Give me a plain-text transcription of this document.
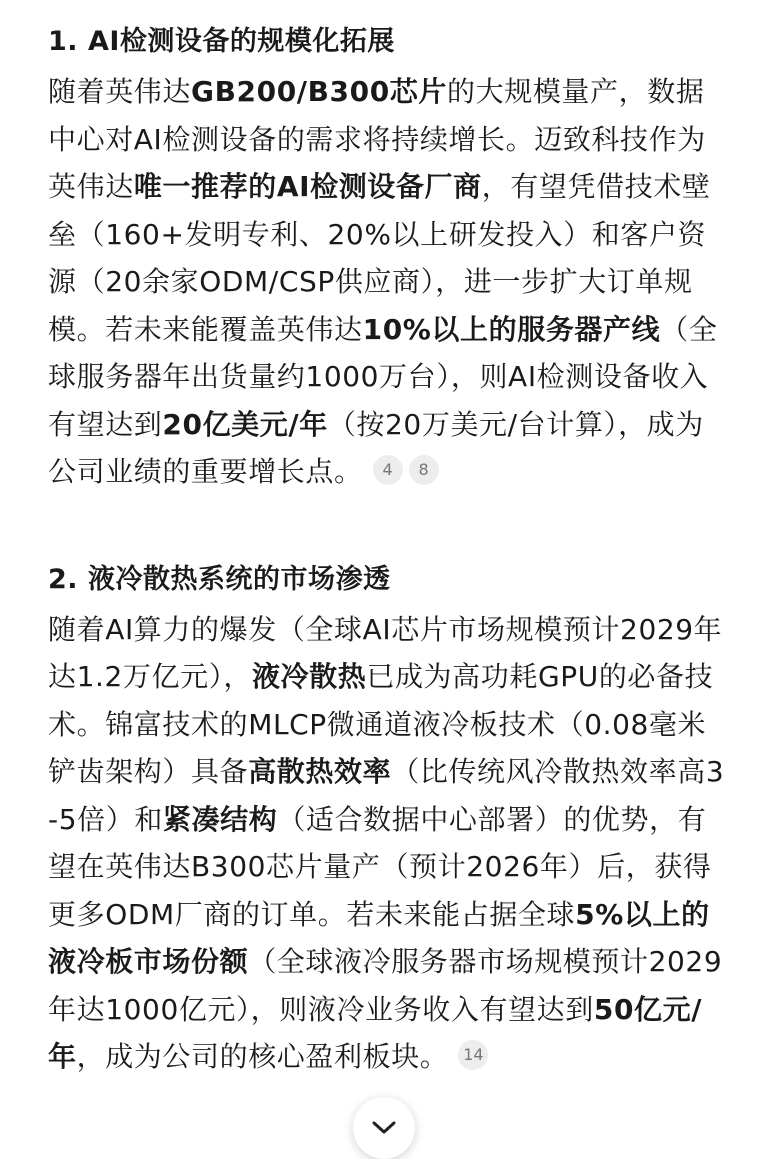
1. AI检测设备的规模化拓展

随着英伟达GB200/B300芯片的大规模量产，数据中心对AI检测设备的需求将持续增长。迈致科技作为英伟达唯一推荐的AI检测设备厂商，有望凭借技术壁垒（160+发明专利、20%以上研发投入）和客户资源（20余家ODM/CSP供应商），进一步扩大订单规模。若未来能覆盖英伟达10%以上的服务器产线（全球服务器年出货量约1000万台），则AI检测设备收入有望达到20亿美元/年（按20万美元/台计算），成为公司业绩的重要增长点。 4 8

2. 液冷散热系统的市场渗透

随着AI算力的爆发（全球AI芯片市场规模预计2029年达1.2万亿元），液冷散热已成为高功耗GPU的必备技术。锦富技术的MLCP微通道液冷板技术（0.08毫米铲齿架构）具备高散热效率（比传统风冷散热效率高3-5倍）和紧凑结构（适合数据中心部署）的优势，有望在英伟达B300芯片量产（预计2026年）后，获得更多ODM厂商的订单。若未来能占据全球5%以上的液冷板市场份额（全球液冷服务器市场规模预计2029年达1000亿元），则液冷业务收入有望达到50亿元/年，成为公司的核心盈利板块。 14
